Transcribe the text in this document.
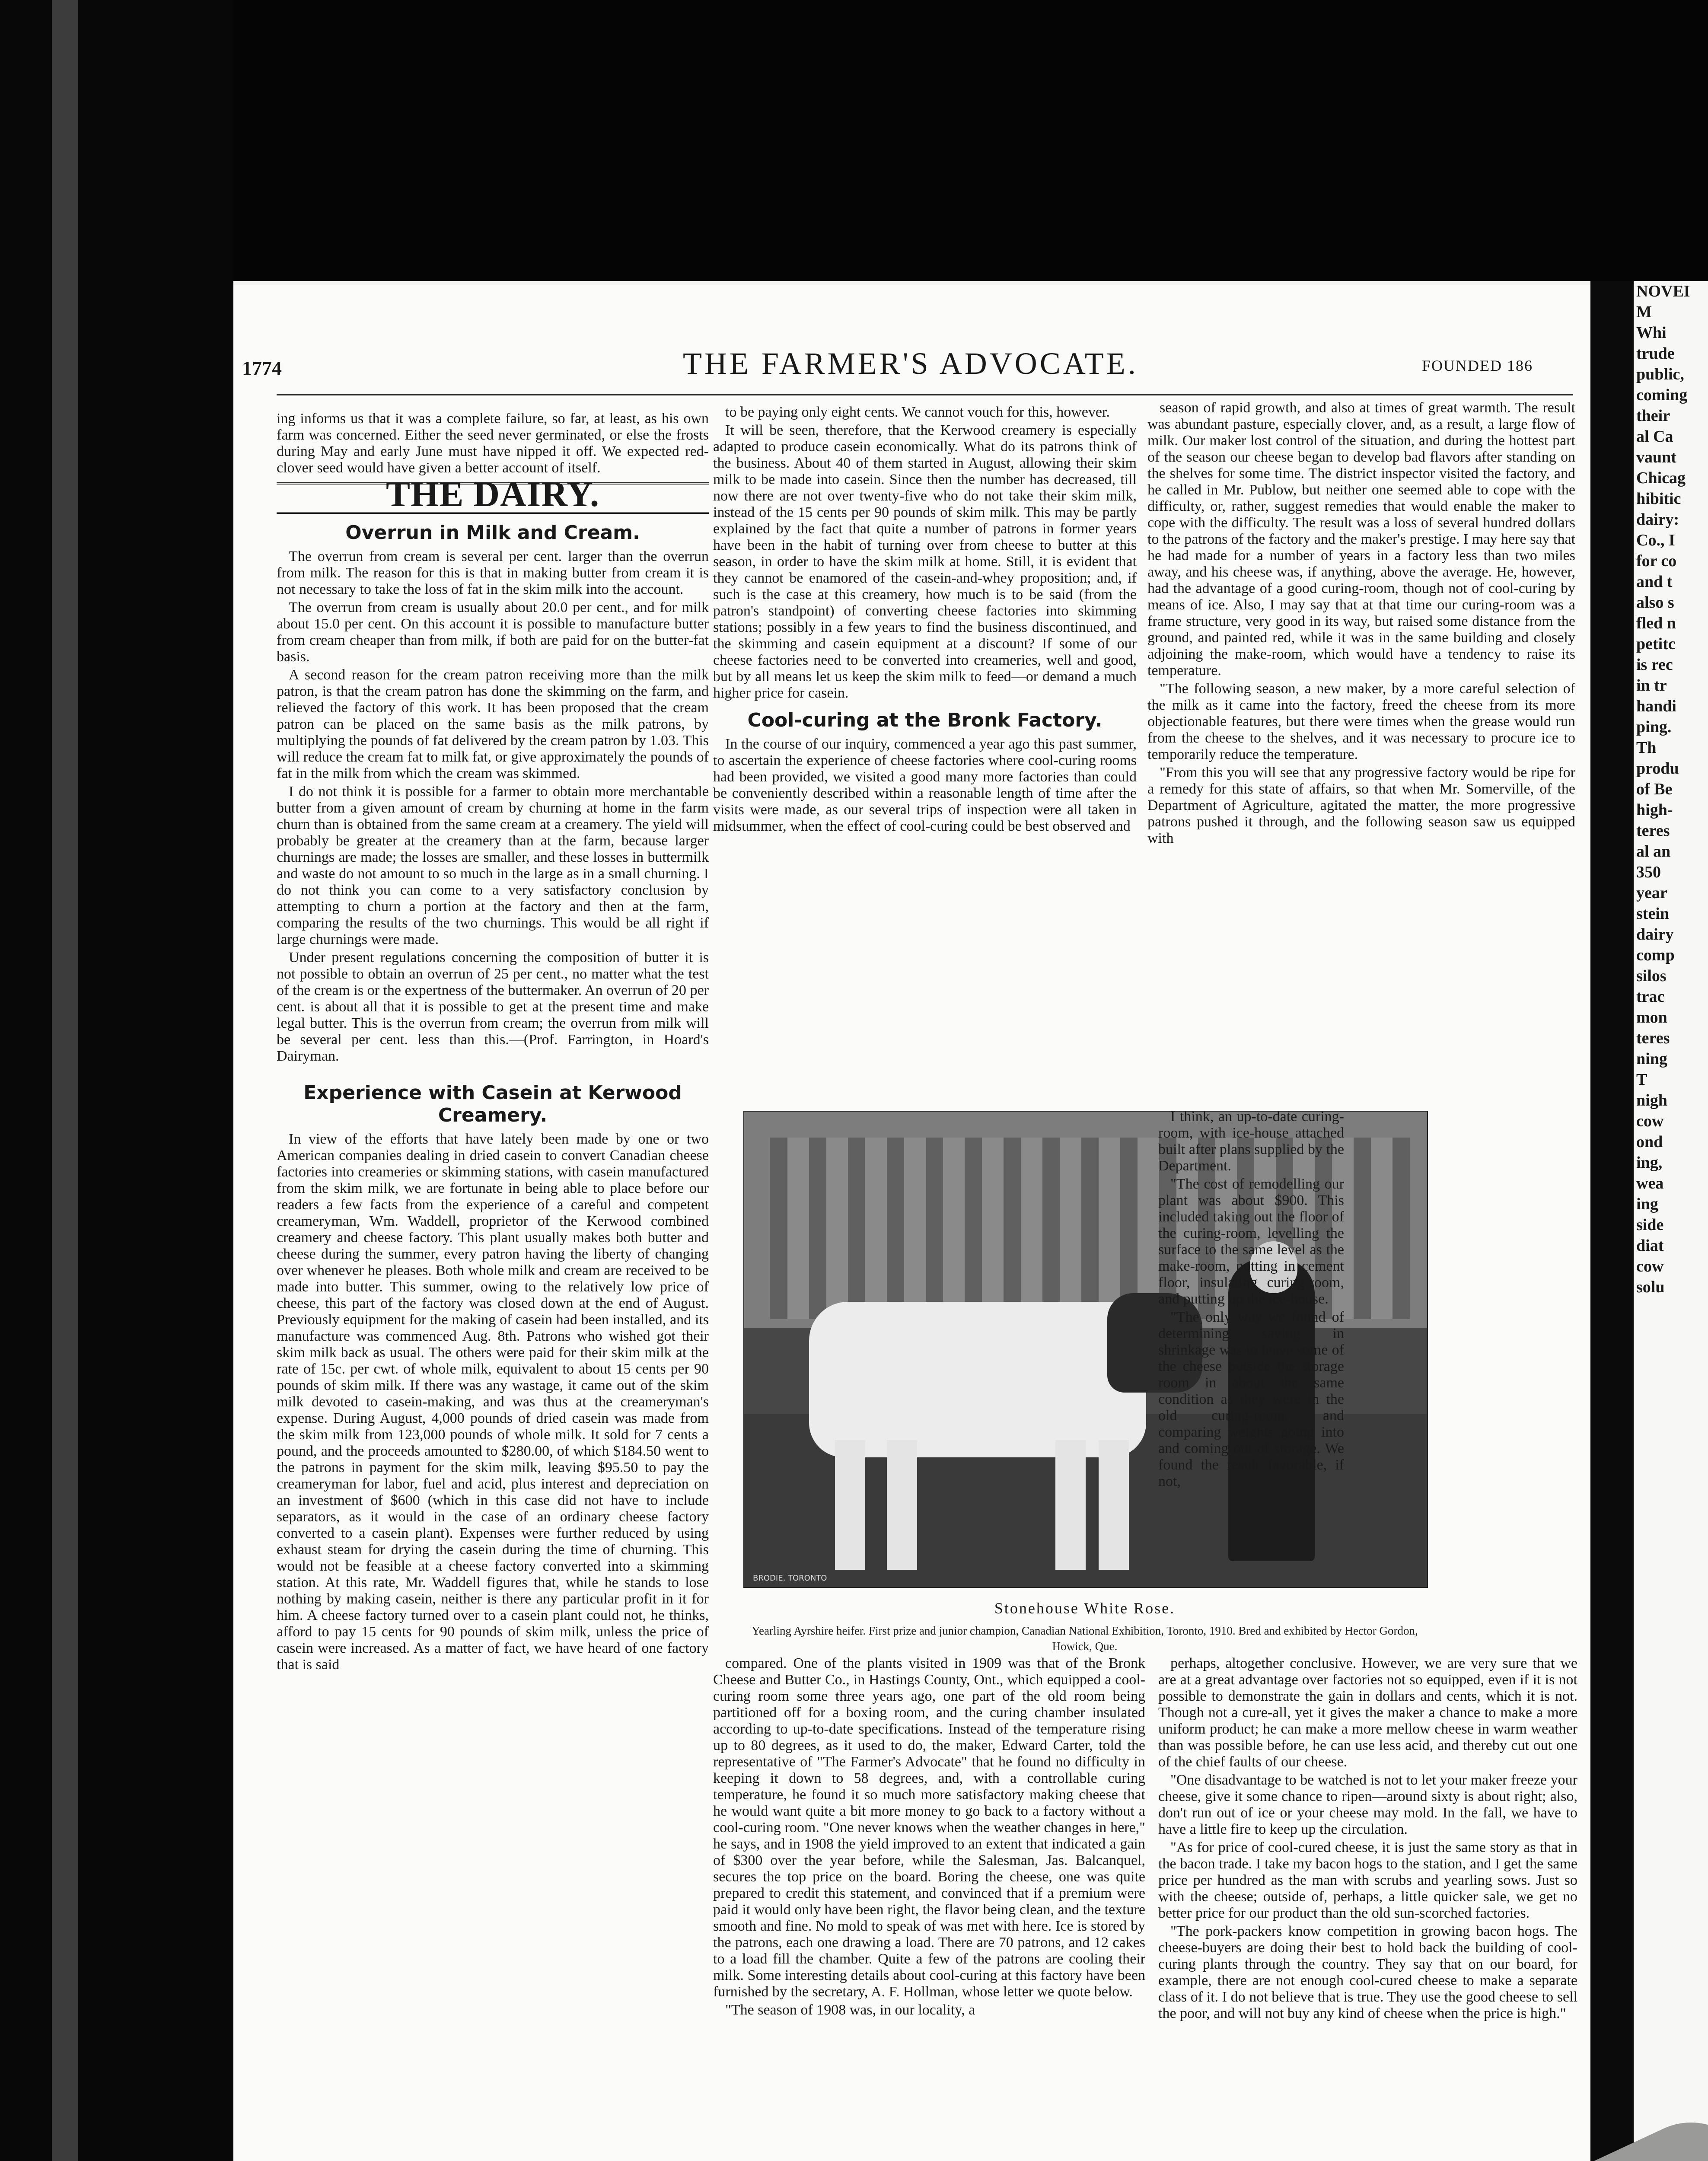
NOVEI
M
Whi
trude
public,
coming
their
al Ca
vaunt
Chicag
hibitic
dairy:
Co., I
for co
and t
also s
fled n
petitc
is rec
in tr
handi
ping.
Th
produ
of Be
high-
teres
al an
350
year
stein
dairy
comp
silos
trac
mon
teres
ning
T
nigh
cow
ond
ing,
wea
ing
side
diat
cow
solu
1774	THE FARMER'S ADVOCATE.	FOUNDED 186

ing informs us that it was a complete failure, so far, at least, as his own farm was concerned. Either the seed never germinated, or else the frosts during May and early June must have nipped it off. We expected red-clover seed would have given a better account of itself.

THE DAIRY.
Overrun in Milk and Cream.

The overrun from cream is several per cent. larger than the overrun from milk. The reason for this is that in making butter from cream it is not necessary to take the loss of fat in the skim milk into the account.

The overrun from cream is usually about 20.0 per cent., and for milk about 15.0 per cent. On this account it is possible to manufacture butter from cream cheaper than from milk, if both are paid for on the butter-fat basis.

A second reason for the cream patron receiving more than the milk patron, is that the cream patron has done the skimming on the farm, and relieved the factory of this work. It has been proposed that the cream patron can be placed on the same basis as the milk patrons, by multiplying the pounds of fat delivered by the cream patron by 1.03. This will reduce the cream fat to milk fat, or give approximately the pounds of fat in the milk from which the cream was skimmed.

I do not think it is possible for a farmer to obtain more merchantable butter from a given amount of cream by churning at home in the farm churn than is obtained from the same cream at a creamery. The yield will probably be greater at the creamery than at the farm, because larger churnings are made; the losses are smaller, and these losses in buttermilk and waste do not amount to so much in the large as in a small churning. I do not think you can come to a very satisfactory conclusion by attempting to churn a portion at the factory and then at the farm, comparing the results of the two churnings. This would be all right if large churnings were made.

Under present regulations concerning the composition of butter it is not possible to obtain an overrun of 25 per cent., no matter what the test of the cream is or the expertness of the buttermaker. An overrun of 20 per cent. is about all that it is possible to get at the present time and make legal butter. This is the overrun from cream; the overrun from milk will be several per cent. less than this.—(Prof. Farrington, in Hoard's Dairyman.

Experience with Casein at Kerwood Creamery.

In view of the efforts that have lately been made by one or two American companies dealing in dried casein to convert Canadian cheese factories into creameries or skimming stations, with casein manufactured from the skim milk, we are fortunate in being able to place before our readers a few facts from the experience of a careful and competent creameryman, Wm. Waddell, proprietor of the Kerwood combined creamery and cheese factory. This plant usually makes both butter and cheese during the summer, every patron having the liberty of changing over whenever he pleases. Both whole milk and cream are received to be made into butter. This summer, owing to the relatively low price of cheese, this part of the factory was closed down at the end of August. Previously equipment for the making of casein had been installed, and its manufacture was commenced Aug. 8th. Patrons who wished got their skim milk back as usual. The others were paid for their skim milk at the rate of 15c. per cwt. of whole milk, equivalent to about 15 cents per 90 pounds of skim milk. If there was any wastage, it came out of the skim milk devoted to casein-making, and was thus at the creameryman's expense. During August, 4,000 pounds of dried casein was made from the skim milk from 123,000 pounds of whole milk. It sold for 7 cents a pound, and the proceeds amounted to $280.00, of which $184.50 went to the patrons in payment for the skim milk, leaving $95.50 to pay the creameryman for labor, fuel and acid, plus interest and depreciation on an investment of $600 (which in this case did not have to include separators, as it would in the case of an ordinary cheese factory converted to a casein plant). Expenses were further reduced by using exhaust steam for drying the casein during the time of churning. This would not be feasible at a cheese factory converted into a skimming station. At this rate, Mr. Waddell figures that, while he stands to lose nothing by making casein, neither is there any particular profit in it for him. A cheese factory turned over to a casein plant could not, he thinks, afford to pay 15 cents for 90 pounds of skim milk, unless the price of casein were increased. As a matter of fact, we have heard of one factory that is said

to be paying only eight cents. We cannot vouch for this, however.

It will be seen, therefore, that the Kerwood creamery is especially adapted to produce casein economically. What do its patrons think of the business. About 40 of them started in August, allowing their skim milk to be made into casein. Since then the number has decreased, till now there are not over twenty-five who do not take their skim milk, instead of the 15 cents per 90 pounds of skim milk. This may be partly explained by the fact that quite a number of patrons in former years have been in the habit of turning over from cheese to butter at this season, in order to have the skim milk at home. Still, it is evident that they cannot be enamored of the casein-and-whey proposition; and, if such is the case at this creamery, how much is to be said (from the patron's standpoint) of converting cheese factories into skimming stations; possibly in a few years to find the business discontinued, and the skimming and casein equipment at a discount? If some of our cheese factories need to be converted into creameries, well and good, but by all means let us keep the skim milk to feed—or demand a much higher price for casein.

Cool-curing at the Bronk Factory.

In the course of our inquiry, commenced a year ago this past summer, to ascertain the experience of cheese factories where cool-curing rooms had been provided, we visited a good many more factories than could be conveniently described within a reasonable length of time after the visits were made, as our several trips of inspection were all taken in midsummer, when the effect of cool-curing could be best observed and

season of rapid growth, and also at times of great warmth. The result was abundant pasture, especially clover, and, as a result, a large flow of milk. Our maker lost control of the situation, and during the hottest part of the season our cheese began to develop bad flavors after standing on the shelves for some time. The district inspector visited the factory, and he called in Mr. Publow, but neither one seemed able to cope with the difficulty, or, rather, suggest remedies that would enable the maker to cope with the difficulty. The result was a loss of several hundred dollars to the patrons of the factory and the maker's prestige. I may here say that he had made for a number of years in a factory less than two miles away, and his cheese was, if anything, above the average. He, however, had the advantage of a good curing-room, though not of cool-curing by means of ice. Also, I may say that at that time our curing-room was a frame structure, very good in its way, but raised some distance from the ground, and painted red, while it was in the same building and closely adjoining the make-room, which would have a tendency to raise its temperature.

"The following season, a new maker, by a more careful selection of the milk as it came into the factory, freed the cheese from its more objectionable features, but there were times when the grease would run from the cheese to the shelves, and it was necessary to procure ice to temporarily reduce the temperature.

"From this you will see that any progressive factory would be ripe for a remedy for this state of affairs, so that when Mr. Somerville, of the Department of Agriculture, agitated the matter, the more progressive patrons pushed it through, and the following season saw us equipped with

BRODIE, TORONTO
Stonehouse White Rose.
Yearling Ayrshire heifer. First prize and junior champion, Canadian National Exhibition, Toronto, 1910. Bred and exhibited by Hector Gordon, Howick, Que.

I think, an up-to-date curing-room, with ice-house attached built after plans supplied by the Department.

"The cost of remodelling our plant was about $900. This included taking out the floor of the curing-room, levelling the surface to the same level as the make-room, putting in cement floor, insulating curing-room, and putting up the ice-house.

"The only way we found of determining saving in shrinkage was to leave some of the cheese outside the storage room in about the same condition as they were in the old curing-room, and comparing weights going into and coming out of storage. We found the result favorable, if not,

compared. One of the plants visited in 1909 was that of the Bronk Cheese and Butter Co., in Hastings County, Ont., which equipped a cool-curing room some three years ago, one part of the old room being partitioned off for a boxing room, and the curing chamber insulated according to up-to-date specifications. Instead of the temperature rising up to 80 degrees, as it used to do, the maker, Edward Carter, told the representative of "The Farmer's Advocate" that he found no difficulty in keeping it down to 58 degrees, and, with a controllable curing temperature, he found it so much more satisfactory making cheese that he would want quite a bit more money to go back to a factory without a cool-curing room. "One never knows when the weather changes in here," he says, and in 1908 the yield improved to an extent that indicated a gain of $300 over the year before, while the Salesman, Jas. Balcanquel, secures the top price on the board. Boring the cheese, one was quite prepared to credit this statement, and convinced that if a premium were paid it would only have been right, the flavor being clean, and the texture smooth and fine. No mold to speak of was met with here. Ice is stored by the patrons, each one drawing a load. There are 70 patrons, and 12 cakes to a load fill the chamber. Quite a few of the patrons are cooling their milk. Some interesting details about cool-curing at this factory have been furnished by the secretary, A. F. Hollman, whose letter we quote below.

"The season of 1908 was, in our locality, a

perhaps, altogether conclusive. However, we are very sure that we are at a great advantage over factories not so equipped, even if it is not possible to demonstrate the gain in dollars and cents, which it is not. Though not a cure-all, yet it gives the maker a chance to make a more uniform product; he can make a more mellow cheese in warm weather than was possible before, he can use less acid, and thereby cut out one of the chief faults of our cheese.

"One disadvantage to be watched is not to let your maker freeze your cheese, give it some chance to ripen—around sixty is about right; also, don't run out of ice or your cheese may mold. In the fall, we have to have a little fire to keep up the circulation.

"As for price of cool-cured cheese, it is just the same story as that in the bacon trade. I take my bacon hogs to the station, and I get the same price per hundred as the man with scrubs and yearling sows. Just so with the cheese; outside of, perhaps, a little quicker sale, we get no better price for our product than the old sun-scorched factories.

"The pork-packers know competition in growing bacon hogs. The cheese-buyers are doing their best to hold back the building of cool-curing plants through the country. They say that on our board, for example, there are not enough cool-cured cheese to make a separate class of it. I do not believe that is true. They use the good cheese to sell the poor, and will not buy any kind of cheese when the price is high."
